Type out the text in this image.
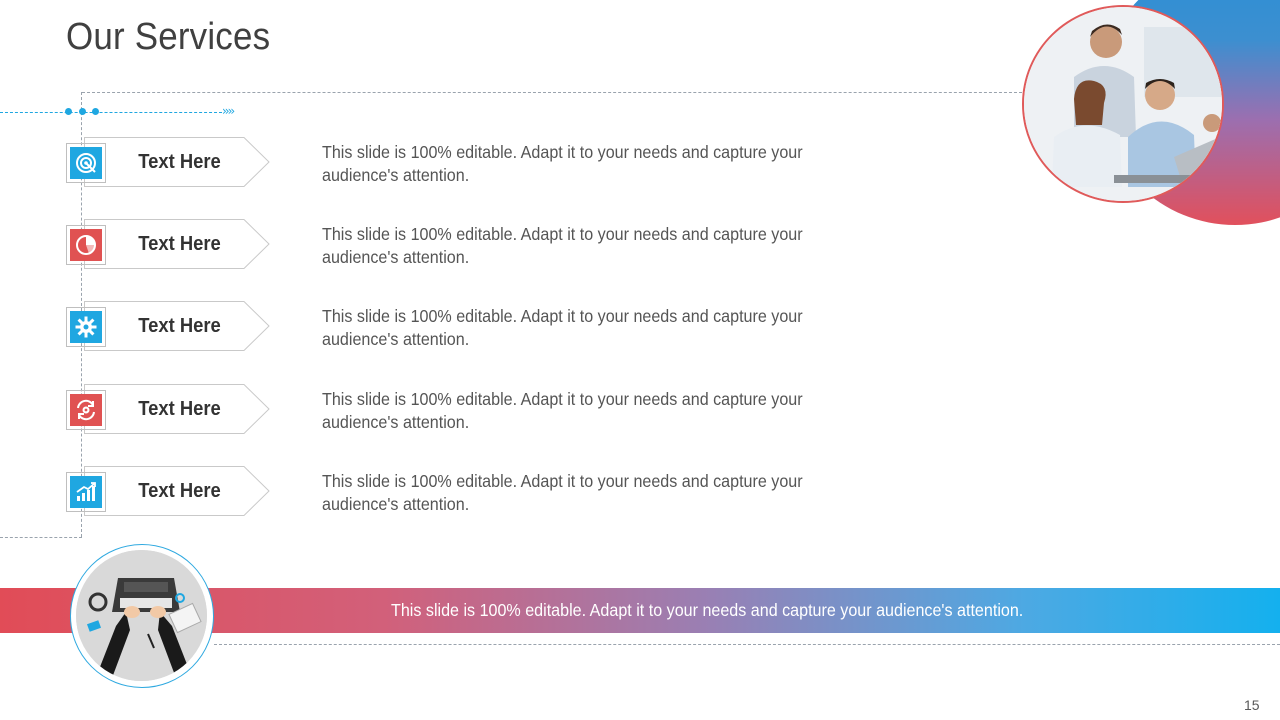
Our Services
››››
Text Here	This slide is 100% editable. Adapt it to your needs and capture your audience's attention.
Text Here	This slide is 100% editable. Adapt it to your needs and capture your audience's attention.
Text Here	This slide is 100% editable. Adapt it to your needs and capture your audience's attention.
Text Here	This slide is 100% editable. Adapt it to your needs and capture your audience's attention.
Text Here	This slide is 100% editable. Adapt it to your needs and capture your audience's attention.
This slide is 100% editable. Adapt it to your needs and capture your audience's attention.
15
